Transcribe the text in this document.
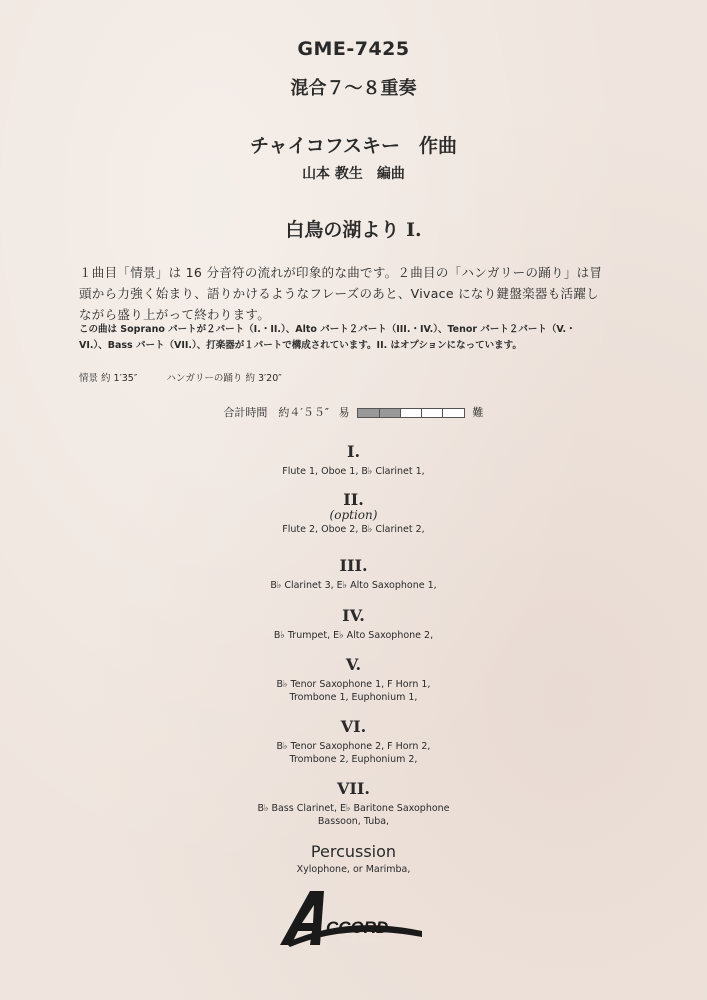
GME-7425
混合７～８重奏
チャイコフスキー　作曲
山本 教生　編曲
白鳥の湖より I.

１曲目「情景」は 16 分音符の流れが印象的な曲です。２曲目の「ハンガリーの踊り」は冒

頭から力強く始まり、語りかけるようなフレーズのあと、Vivace になり鍵盤楽器も活躍し

ながら盛り上がって終わります。

この曲は Soprano パートが２パート（I.・II.）、Alto パート２パート（III.・IV.）、Tenor パート２パート（V.・

VI.）、Bass パート（VII.）、打楽器が１パートで構成されています。II. はオプションになっています。

情景 約 1′35″	ハンガリーの踊り 約 3′20″
合計時間　約４′５５″ 易	難
I.
Flute 1, Oboe 1, B♭ Clarinet 1,
II.
(option)
Flute 2, Oboe 2, B♭ Clarinet 2,
III.
B♭ Clarinet 3, E♭ Alto Saxophone 1,
IV.
B♭ Trumpet, E♭ Alto Saxophone 2,
V.
B♭ Tenor Saxophone 1, F Horn 1,
Trombone 1, Euphonium 1,
VI.
B♭ Tenor Saxophone 2, F Horn 2,
Trombone 2, Euphonium 2,
VII.
B♭ Bass Clarinet, E♭ Baritone Saxophone
Bassoon, Tuba,
Percussion
Xylophone, or Marimba,
CCORD
PUBLISHING
